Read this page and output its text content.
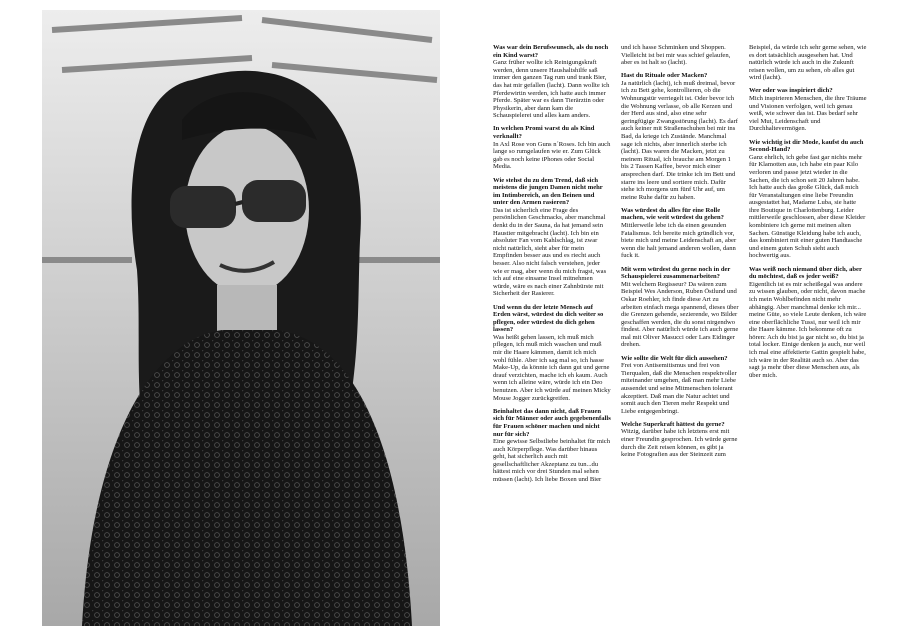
Was war dein Berufswunsch, als du noch ein Kind warst?

Ganz früher wollte ich Reinigungskraft werden, denn unsere Haushaltshilfe saß immer den ganzen Tag rum und trank Bier, das hat mir gefallen (lacht). Dann wollte ich Pferdewirtin werden, ich hatte auch immer Pferde. Später war es dann Tierärztin oder Physikerin, aber dann kam die Schauspielerei und alles kam anders.

In welchen Promi warst du als Kind verknallt?

In Axl Rose von Guns n´Roses. Ich bin auch lange so rumgelaufen wie er. Zum Glück gab es noch keine iPhones oder Social Media.

Wie stehst du zu dem Trend, daß sich meistens die jungen Damen nicht mehr im Intimbereich, an den Beinen und unter den Armen rasieren?

Das ist sicherlich eine Frage des persönlichen Geschmacks, aber manchmal denkt du in der Sauna, da hat jemand sein Haustier mitgebracht (lacht). Ich bin ein absoluter Fan vom Kahlschlag, ist zwar nicht natürlich, sieht aber für mein Empfinden besser aus und es riecht auch besser. Also nicht falsch verstehen, jeder wie er mag, aber wenn du mich fragst, was ich auf eine einsame Insel mitnehmen würde, wäre es nach einer Zahnbürste mit Sicherheit der Rasierer.

Und wenn du der letzte Mensch auf Erden wärst, würdest du dich weiter so pflegen, oder würdest du dich gehen lassen?

Was heißt gehen lassen, ich muß mich pflegen, ich muß mich waschen und muß mir die Haare kämmen, damit ich mich wohl fühle. Aber ich sag mal so, ich hasse Make-Up, da könnte ich dann gut und gerne drauf verzichten, mache ich eh kaum. Auch wenn ich alleine wäre, würde ich ein Deo benutzen. Aber ich würde auf meinen Micky Mouse Jogger zurückgreifen.

Beinhaltet das dann nicht, daß Frauen sich für Männer oder auch gegebenenfalls für Frauen schöner machen und nicht nur für sich?

Eine gewisse Selbstliebe beinhaltet für mich auch Körperpflege. Was darüber hinaus geht, hat sicherlich auch mit gesellschaftlicher Akzeptanz zu tun...du hättest mich vor drei Stunden mal sehen müssen (lacht). Ich liebe Boxen und Bier

und ich hasse Schminken und Shoppen. Vielleicht ist bei mir was schief gelaufen, aber es ist halt so (lacht).

Hast du Rituale oder Macken?

Ja natürlich (lacht), ich muß dreimal, bevor ich zu Bett gehe, kontrollieren, ob die Wohnungstür verriegelt ist. Oder bevor ich die Wohnung verlasse, ob alle Kerzen und der Herd aus sind, also eine sehr geringfügige Zwangsstörung (lacht). Es darf auch keiner mit Straßenschuhen bei mir ins Bad, da kriege ich Zustände. Manchmal sage ich nichts, aber innerlich sterbe ich (lacht). Das waren die Macken, jetzt zu meinem Ritual, ich brauche am Morgen 1 bis 2 Tassen Kaffee, bevor mich einer ansprechen darf. Die trinke ich im Bett und starre ins leere und sortiere mich. Dafür stehe ich morgens um fünf Uhr auf, um meine Ruhe dafür zu haben.

Was würdest du alles für eine Rolle machen, wie weit würdest du gehen?

Mittlerweile lebe ich da einen gesunden Fatalismus. Ich bereite mich gründlich vor, biete mich und meine Leidenschaft an, aber wenn die halt jemand anderen wollen, dann fuck it.

Mit wem würdest du gerne noch in der Schauspielerei zusammenarbeiten?

Mit welchem Regisseur? Da wären zum Beispiel Wes Anderson, Ruben Östlund und Oskar Roehler, ich finde diese Art zu arbeiten einfach mega spannend, dieses über die Grenzen gehende, sezierende, wo Bilder geschaffen werden, die du sonst nirgendwo findest. Aber natürlich würde ich auch gerne mal mit Oliver Masucci oder Lars Eidinger drehen.

Wie sollte die Welt für dich aussehen?

Frei von Antisemitismus und frei von Tierqualen, daß die Menschen respektvoller miteinander umgehen, daß man mehr Liebe aussendet und seine Mitmenschen tolerant akzeptiert. Daß man die Natur achtet und somit auch den Tieren mehr Respekt und Liebe entgegenbringt.

Welche Superkraft hättest du gerne?

Witzig, darüber habe ich letztens erst mit einer Freundin gesprochen. Ich würde gerne durch die Zeit reisen können, es gibt ja keine Fotografien aus der Steinzeit zum

Beispiel, da würde ich sehr gerne sehen, wie es dort tatsächlich ausgesehen hat. Und natürlich würde ich auch in die Zukunft reisen wollen, um zu sehen, ob alles gut wird (lacht).

Wer oder was inspiriert dich?

Mich inspirieren Menschen, die ihre Träume und Visionen verfolgen, weil ich genau weiß, wie schwer das ist. Das bedarf sehr viel Mut, Leidenschaft und Durchhaltevermögen.

Wie wichtig ist dir Mode, kaufst du auch Second-Hand?

Ganz ehrlich, ich gebe fast gar nichts mehr für Klamotten aus, ich habe ein paar Kilo verloren und passe jetzt wieder in die Sachen, die ich schon seit 20 Jahren habe. Ich hatte auch das große Glück, daß mich für Veranstaltungen eine liebe Freundin ausgestattet hat, Madame Luba, sie hatte ihre Boutique in Charlottenburg. Leider mittlerweile geschlossen, aber diese Kleider kombiniere ich gerne mit meinen alten Sachen. Günstige Kleidung habe ich auch, das kombiniert mit einer guten Handtasche und einem guten Schuh sieht auch hochwertig aus.

Was weiß noch niemand über dich, aber du möchtest, daß es jeder weiß?

Eigentlich ist es mir scheißegal was andere zu wissen glauben, oder nicht, davon mache ich mein Wohlbefinden nicht mehr abhängig. Aber manchmal denke ich mir... meine Güte, so viele Leute denken, ich wäre eine oberflächliche Tussi, nur weil ich mir die Haare kämme. Ich bekomme oft zu hören: Ach du bist ja gar nicht so, du bist ja total locker. Einige denken ja auch, nur weil ich mal eine affektierte Gattin gespielt habe, ich wäre in der Realität auch so. Aber das sagt ja mehr über diese Menschen aus, als über mich.
